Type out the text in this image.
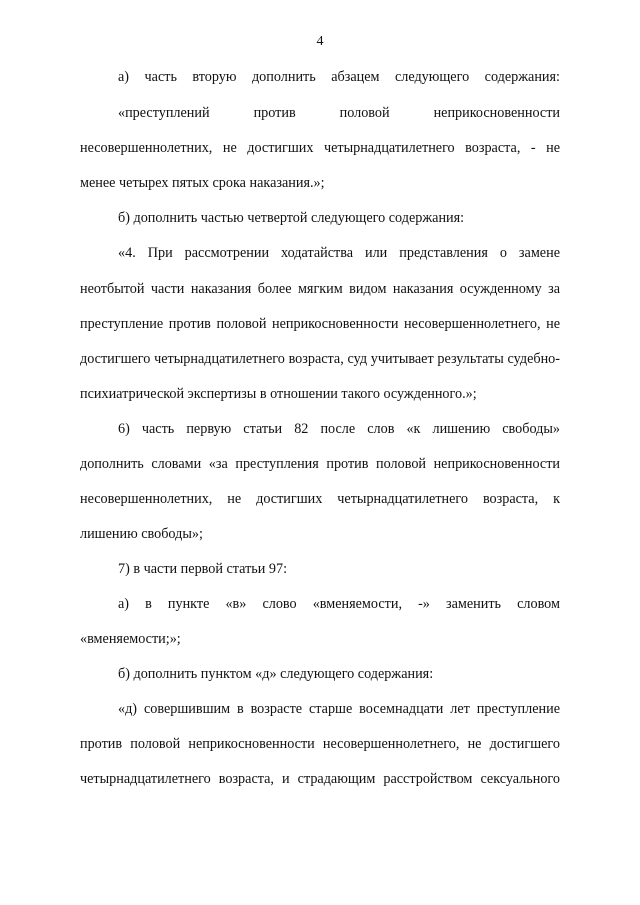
4
а) часть вторую дополнить абзацем следующего содержания:
«преступлений против половой неприкосновенности
несовершеннолетних, не достигших четырнадцатилетнего возраста, - не
менее четырех пятых срока наказания.»;
б) дополнить частью четвертой следующего содержания:
«4. При рассмотрении ходатайства или представления о замене
неотбытой части наказания более мягким видом наказания осужденному за
преступление против половой неприкосновенности несовершеннолетнего, не
достигшего четырнадцатилетнего возраста, суд учитывает результаты судебно-
психиатрической экспертизы в отношении такого осужденного.»;
6) часть первую статьи 82 после слов «к лишению свободы»
дополнить словами «за преступления против половой неприкосновенности
несовершеннолетних, не достигших четырнадцатилетнего возраста, к
лишению свободы»;
7) в части первой статьи 97:
а) в пункте «в» слово «вменяемости, -» заменить словом
«вменяемости;»;
б) дополнить пунктом «д» следующего содержания:
«д) совершившим в возрасте старше восемнадцати лет преступление
против половой неприкосновенности несовершеннолетнего, не достигшего
четырнадцатилетнего возраста, и страдающим расстройством сексуального
